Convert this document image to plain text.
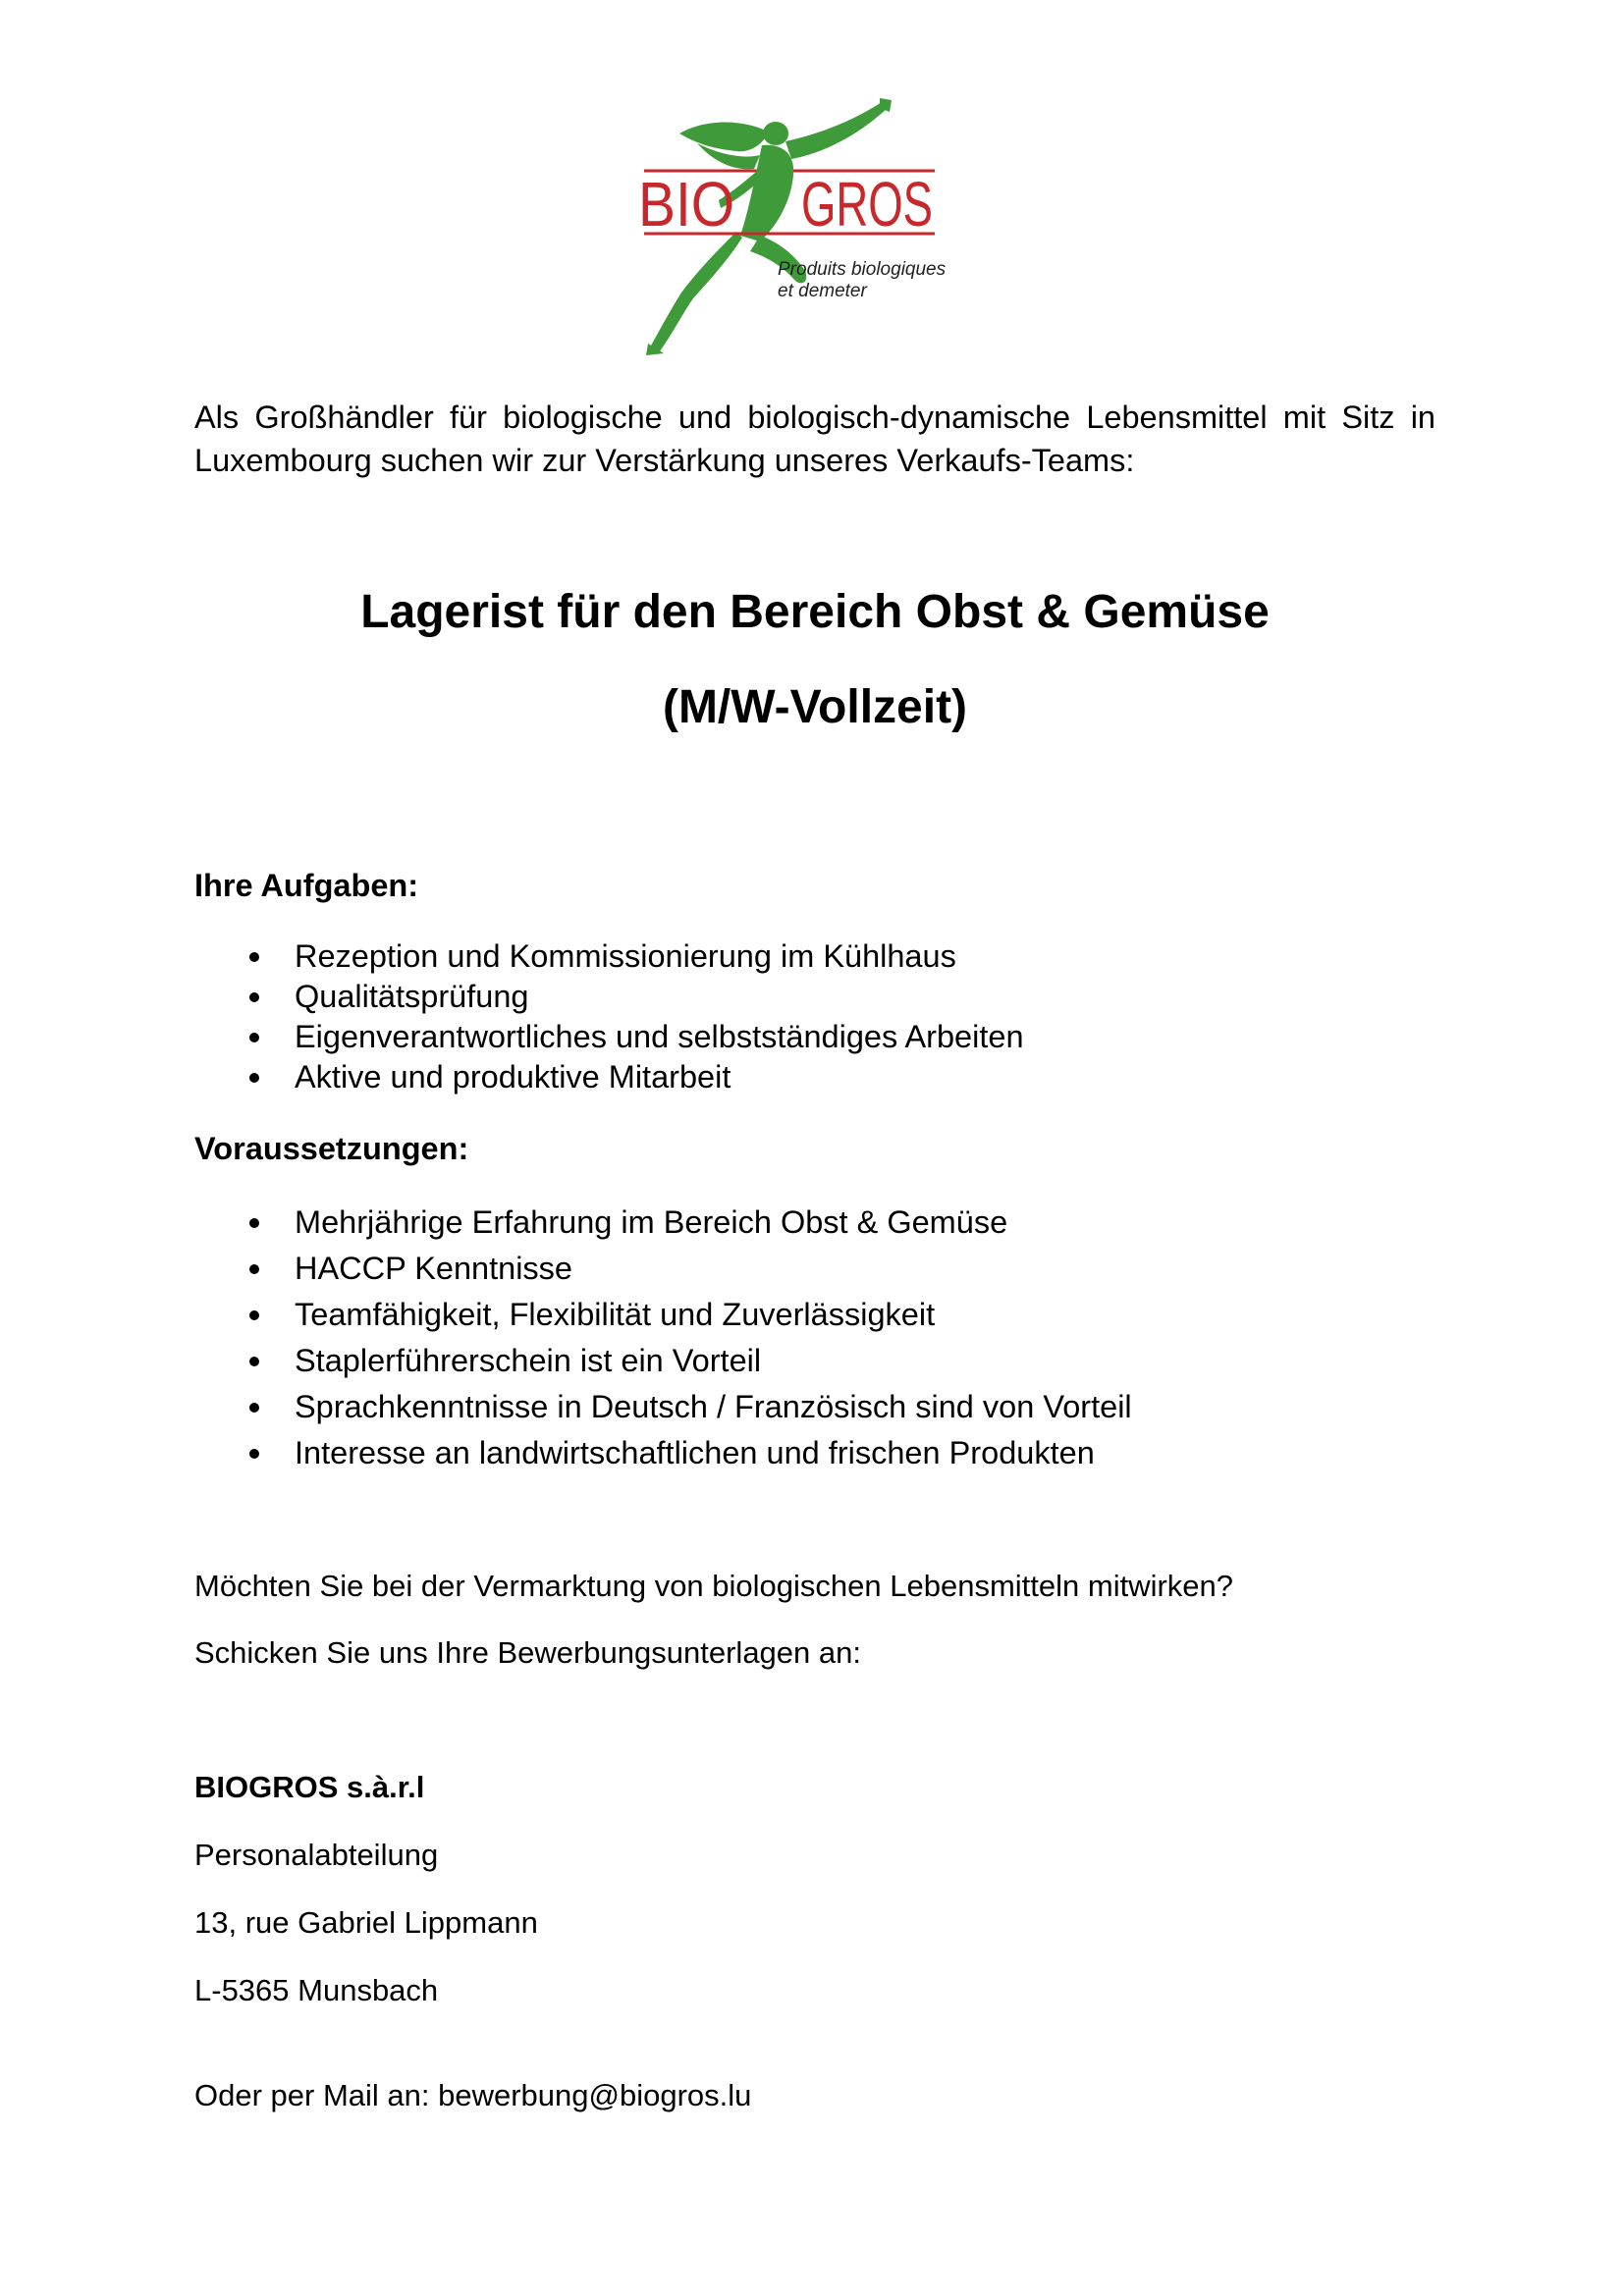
BIO GROS
Produits biologiques
et demeter
Als Großhändler für biologische und biologisch-dynamische Lebensmittel mit Sitz in Luxembourg suchen wir zur Verstärkung unseres Verkaufs-Teams:
Lagerist für den Bereich Obst & Gemüse
(M/W-Vollzeit)
Ihre Aufgaben:
Rezeption und Kommissionierung im Kühlhaus
Qualitätsprüfung
Eigenverantwortliches und selbstständiges Arbeiten
Aktive und produktive Mitarbeit
Voraussetzungen:
Mehrjährige Erfahrung im Bereich Obst & Gemüse
HACCP Kenntnisse
Teamfähigkeit, Flexibilität und Zuverlässigkeit
Staplerführerschein ist ein Vorteil
Sprachkenntnisse in Deutsch / Französisch sind von Vorteil
Interesse an landwirtschaftlichen und frischen Produkten
Möchten Sie bei der Vermarktung von biologischen Lebensmitteln mitwirken?
Schicken Sie uns Ihre Bewerbungsunterlagen an:
BIOGROS s.à.r.l
Personalabteilung
13, rue Gabriel Lippmann
L-5365 Munsbach
Oder per Mail an: bewerbung@biogros.lu
